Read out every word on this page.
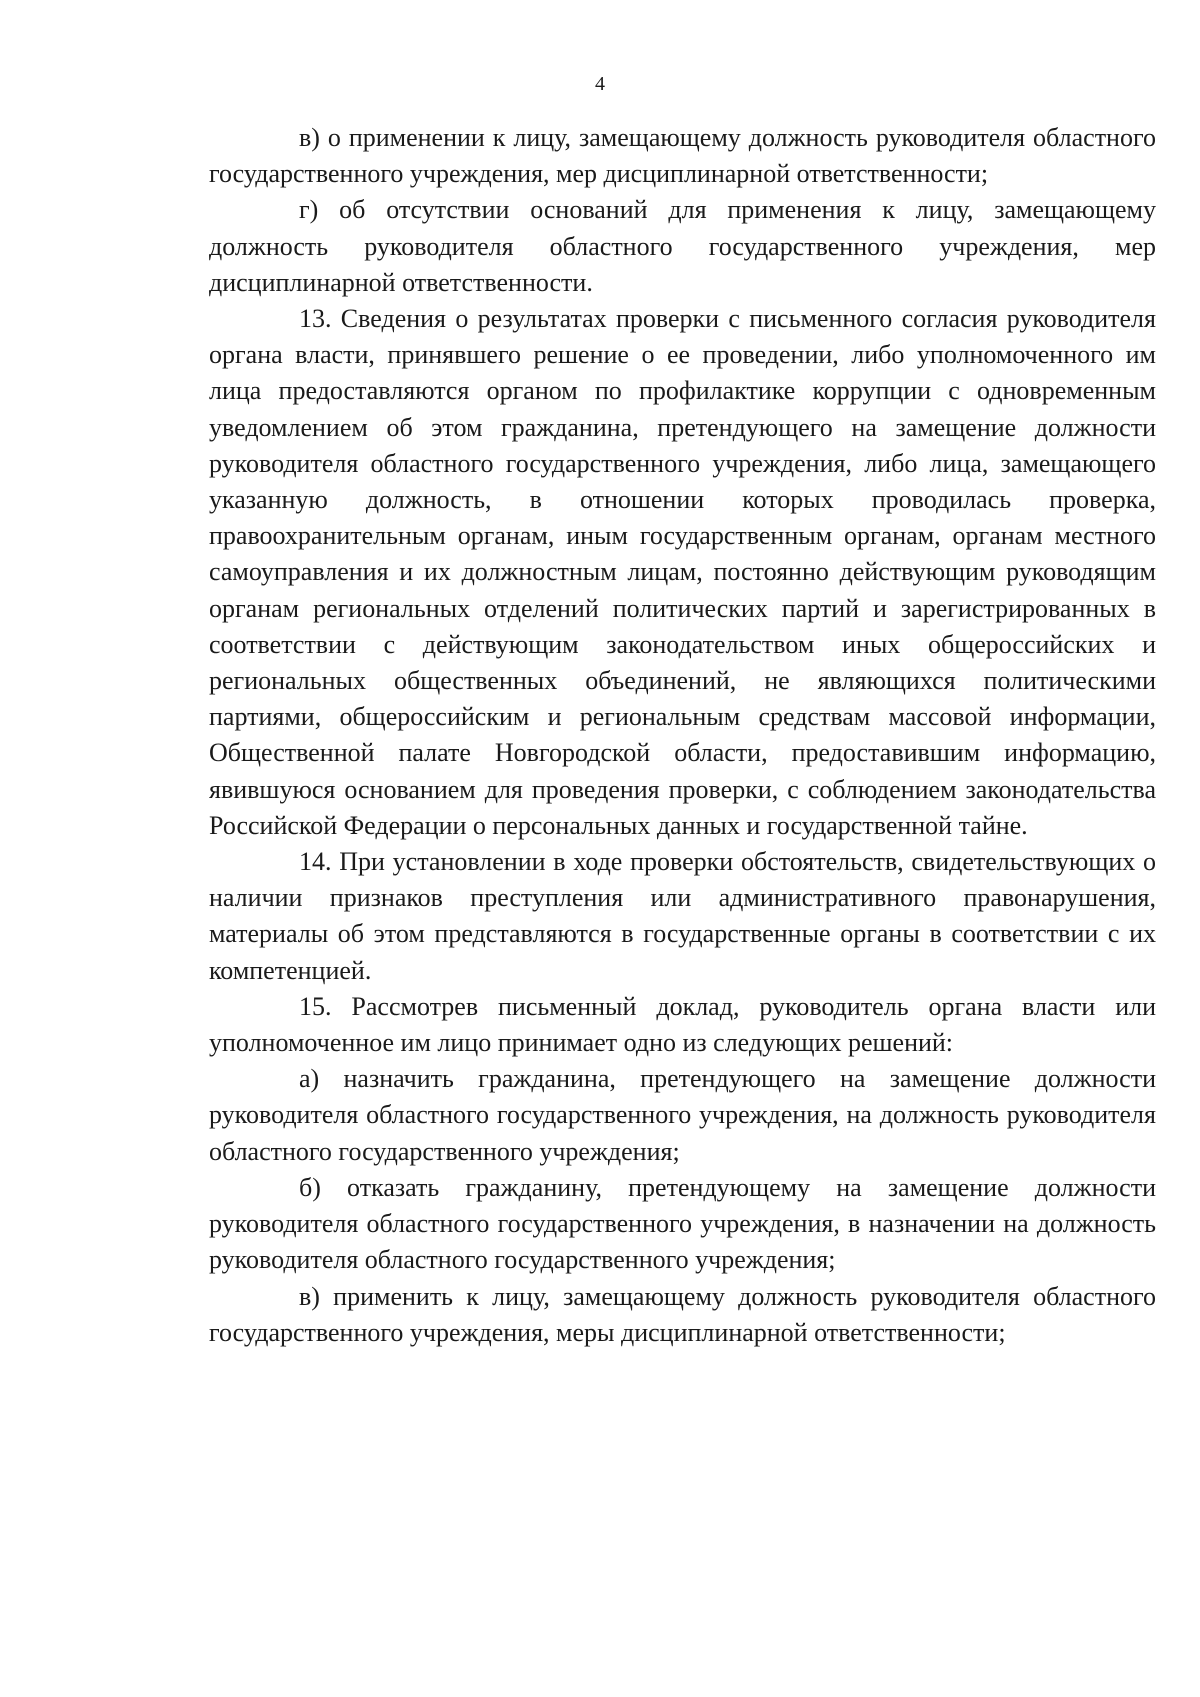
4

в) о применении к лицу, замещающему должность руководителя областного государственного учреждения, мер дисциплинарной ответственности;

г) об отсутствии оснований для применения к лицу, замещающему должность руководителя областного государственного учреждения, мер дисциплинарной ответственности.

13. Сведения о результатах проверки с письменного согласия руководителя органа власти, принявшего решение о ее проведении, либо уполномоченного им лица предоставляются органом по профилактике коррупции с одновременным уведомлением об этом гражданина, претендующего на замещение должности руководителя областного государственного учреждения, либо лица, замещающего указанную должность, в отношении которых проводилась проверка, правоохранительным органам, иным государственным органам, органам местного самоуправления и их должностным лицам, постоянно действующим руководящим органам региональных отделений политических партий и зарегистрированных в соответствии с действующим законодательством иных общероссийских и региональных общественных объединений, не являющихся политическими партиями, общероссийским и региональным средствам массовой информации, Общественной палате Новгородской области, предоставившим информацию, явившуюся основанием для проведения проверки, с соблюдением законодательства Российской Федерации о персональных данных и государственной тайне.

14. При установлении в ходе проверки обстоятельств, свидетельствующих о наличии признаков преступления или административного правонарушения, материалы об этом представляются в государственные органы в соответствии с их компетенцией.

15. Рассмотрев письменный доклад, руководитель органа власти или уполномоченное им лицо принимает одно из следующих решений:

а) назначить гражданина, претендующего на замещение должности руководителя областного государственного учреждения, на должность руководителя областного государственного учреждения;

б) отказать гражданину, претендующему на замещение должности руководителя областного государственного учреждения, в назначении на должность руководителя областного государственного учреждения;

в) применить к лицу, замещающему должность руководителя областного государственного учреждения, меры дисциплинарной ответственности;
